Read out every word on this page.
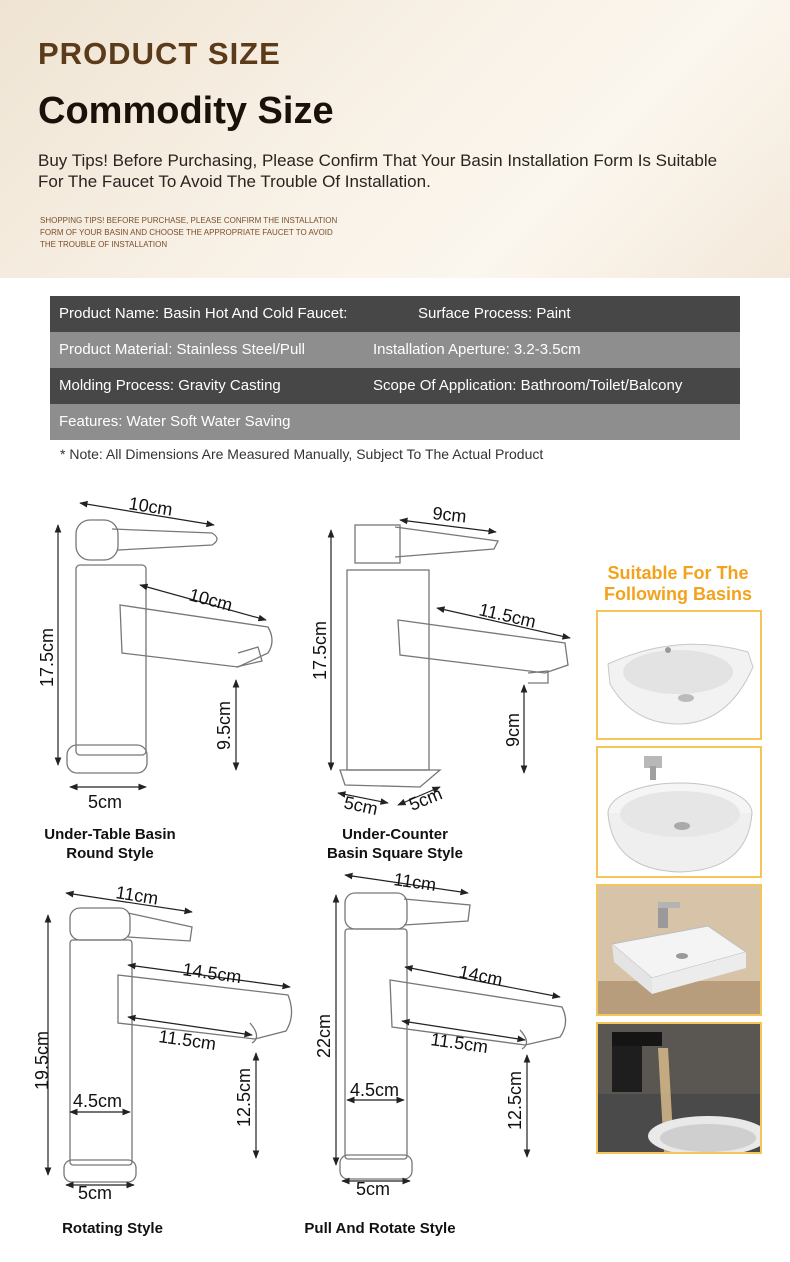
PRODUCT SIZE
Commodity Size
Buy Tips! Before Purchasing, Please Confirm That Your Basin Installation Form Is Suitable For The Faucet To Avoid The Trouble Of Installation.
SHOPPING TIPS! BEFORE PURCHASE, PLEASE CONFIRM THE INSTALLATION FORM OF YOUR BASIN AND CHOOSE THE APPROPRIATE FAUCET TO AVOID THE TROUBLE OF INSTALLATION
Product Name: Basin Hot And Cold Faucet:	Surface Process: Paint
Product Material: Stainless Steel/Pull	Installation Aperture: 3.2-3.5cm
Molding Process: Gravity Casting	Scope Of Application: Bathroom/Toilet/Balcony
Features: Water Soft Water Saving
* Note: All Dimensions Are Measured Manually, Subject To The Actual Product
10cm
10cm
17.5cm
9.5cm
5cm
9cm
11.5cm
17.5cm
9cm
5cm 5cm
11cm
14.5cm
11.5cm
19.5cm
12.5cm
4.5cm
5cm
11cm
14cm
11.5cm
22cm
12.5cm
4.5cm
5cm
Under-Table Basin
Round Style
Under-Counter
Basin Square Style
Rotating Style	Pull And Rotate Style
Suitable For The
Following Basins
